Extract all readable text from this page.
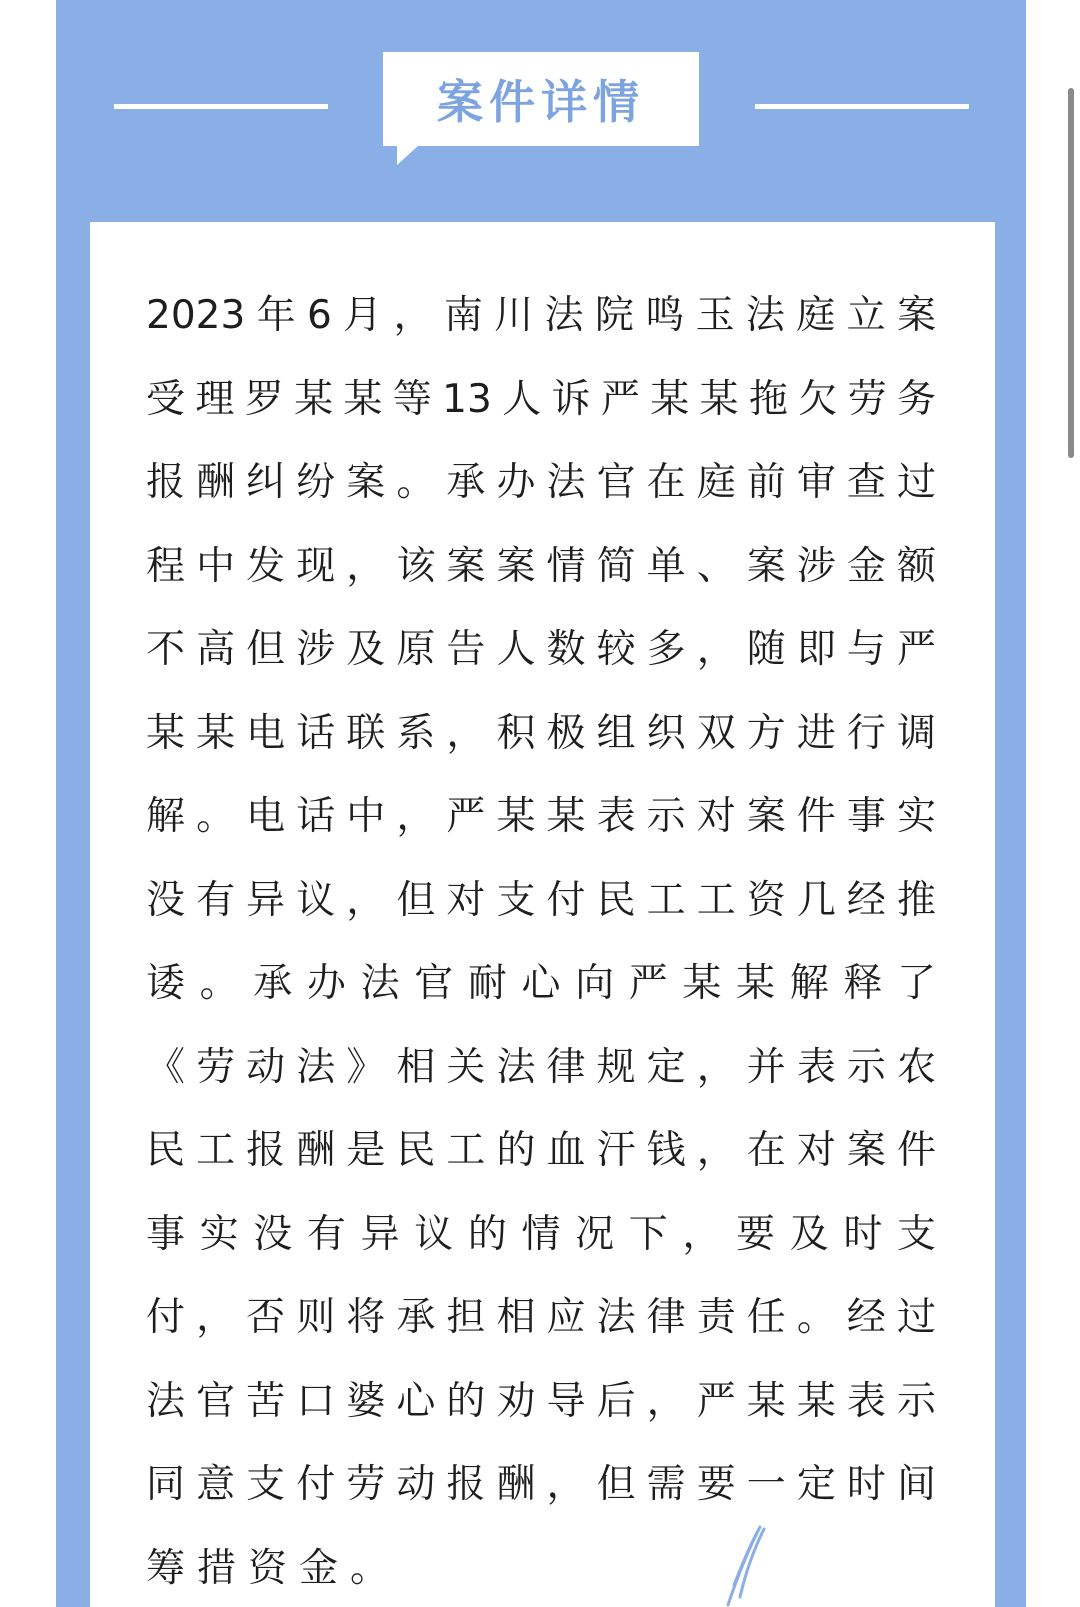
案件详情
2023年6月，南川法院鸣玉法庭立案
受理罗某某等13人诉严某某拖欠劳务
报酬纠纷案。承办法官在庭前审查过
程中发现，该案案情简单、案涉金额
不高但涉及原告人数较多，随即与严
某某电话联系，积极组织双方进行调
解。电话中，严某某表示对案件事实
没有异议，但对支付民工工资几经推
诿。承办法官耐心向严某某解释了
《劳动法》相关法律规定，并表示农
民工报酬是民工的血汗钱，在对案件
事实没有异议的情况下，要及时支
付，否则将承担相应法律责任。经过
法官苦口婆心的劝导后，严某某表示
同意支付劳动报酬，但需要一定时间
筹措资金。
